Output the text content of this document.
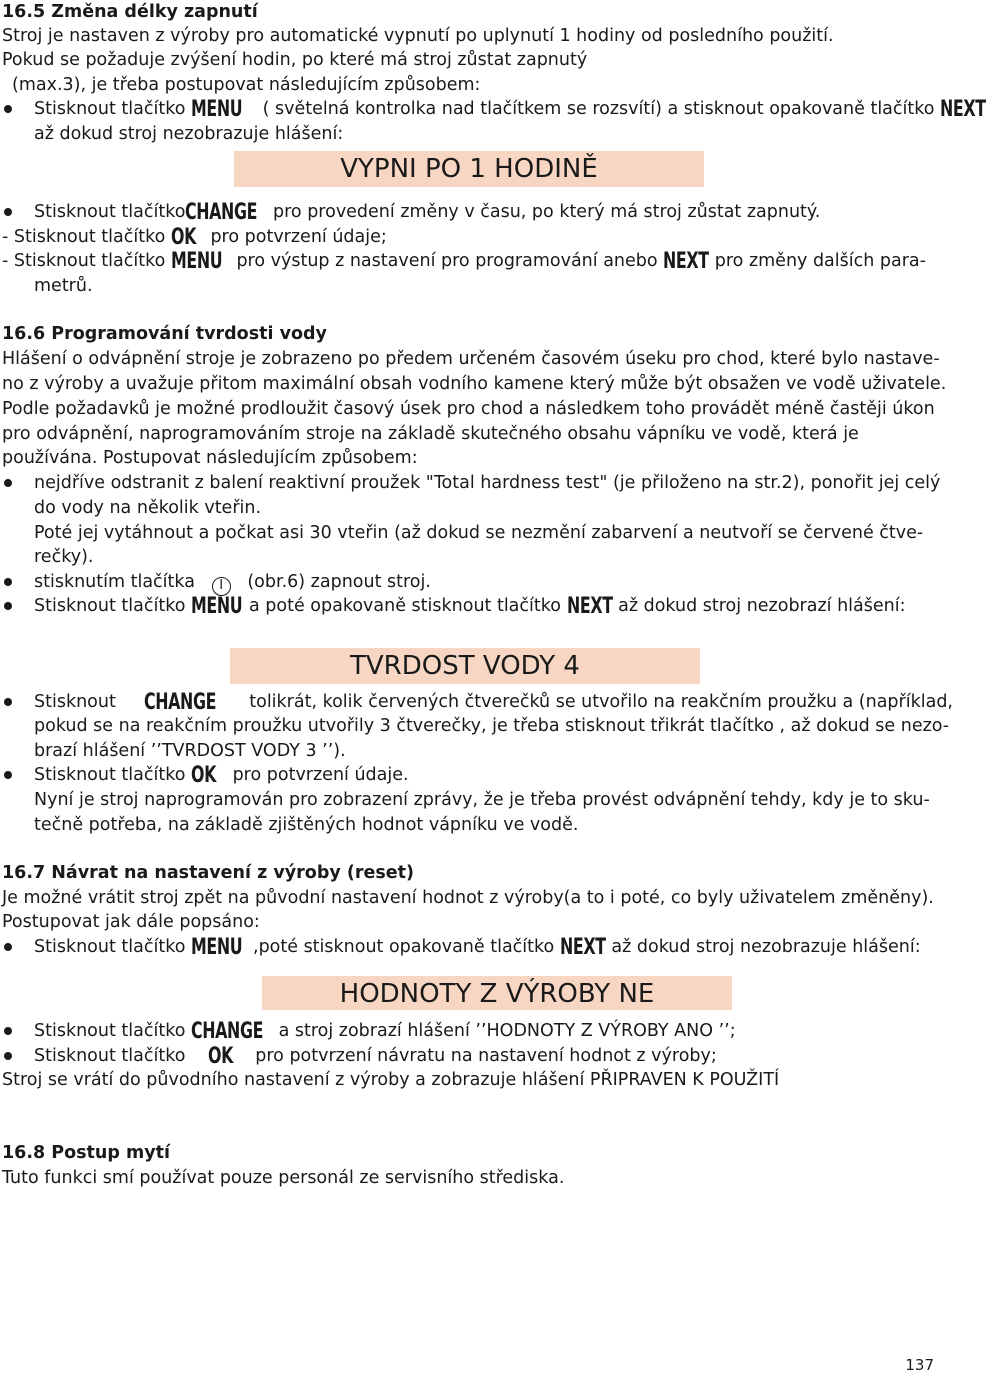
16.5 Změna délky zapnutí
Stroj je nastaven z výroby pro automatické vypnutí po uplynutí 1 hodiny od posledního použití.
Pokud se požaduje zvýšení hodin, po které má stroj zůstat zapnutý
(max.3), je třeba postupovat následujícím způsobem:
Stisknout tlačítko MENU ( světelná kontrolka nad tlačítkem se rozsvítí) a stisknout opakovaně tlačítko NEXT
až dokud stroj nezobrazuje hlášení:
VYPNI PO 1 HODINĚ
Stisknout tlačítkoCHANGE pro provedení změny v času, po který má stroj zůstat zapnutý.
- Stisknout tlačítko OK pro potvrzení údaje;
- Stisknout tlačítko MENU pro výstup z nastavení pro programování anebo NEXT pro změny dalších para-
metrů.
16.6 Programování tvrdosti vody
Hlášení o odvápnění stroje je zobrazeno po předem určeném časovém úseku pro chod, které bylo nastave-
no z výroby a uvažuje přitom maximální obsah vodního kamene který může být obsažen ve vodě uživatele.
Podle požadavků je možné prodloužit časový úsek pro chod a následkem toho provádět méně častěji úkon
pro odvápnění, naprogramováním stroje na základě skutečného obsahu vápníku ve vodě, která je
používána. Postupovat následujícím způsobem:
nejdříve odstranit z balení reaktivní proužek "Total hardness test" (je přiloženo na str.2), ponořit jej celý
do vody na několik vteřin.
Poté jej vytáhnout a počkat asi 30 vteřin (až dokud se nezmění zabarvení a neutvoří se červené čtve-
rečky).
stisknutím tlačítka I (obr.6) zapnout stroj.
Stisknout tlačítko MENU a poté opakovaně stisknout tlačítko NEXT až dokud stroj nezobrazí hlášení:
TVRDOST VODY 4
Stisknout CHANGE tolikrát, kolik červených čtverečků se utvořilo na reakčním proužku a (například,
pokud se na reakčním proužku utvořily 3 čtverečky, je třeba stisknout třikrát tlačítko , až dokud se nezo-
brazí hlášení ’’TVRDOST VODY 3 ’’).
Stisknout tlačítko OK pro potvrzení údaje.
Nyní je stroj naprogramován pro zobrazení zprávy, že je třeba provést odvápnění tehdy, kdy je to sku-
tečně potřeba, na základě zjištěných hodnot vápníku ve vodě.
16.7 Návrat na nastavení z výroby (reset)
Je možné vrátit stroj zpět na původní nastavení hodnot z výroby(a to i poté, co byly uživatelem změněny).
Postupovat jak dále popsáno:
Stisknout tlačítko MENU ,poté stisknout opakovaně tlačítko NEXT až dokud stroj nezobrazuje hlášení:
HODNOTY Z VÝROBY NE
Stisknout tlačítko CHANGE a stroj zobrazí hlášení ’’HODNOTY Z VÝROBY ANO ’’;
Stisknout tlačítko OK pro potvrzení návratu na nastavení hodnot z výroby;
Stroj se vrátí do původního nastavení z výroby a zobrazuje hlášení PŘIPRAVEN K POUŽITÍ
16.8 Postup mytí
Tuto funkci smí používat pouze personál ze servisního střediska.
137
